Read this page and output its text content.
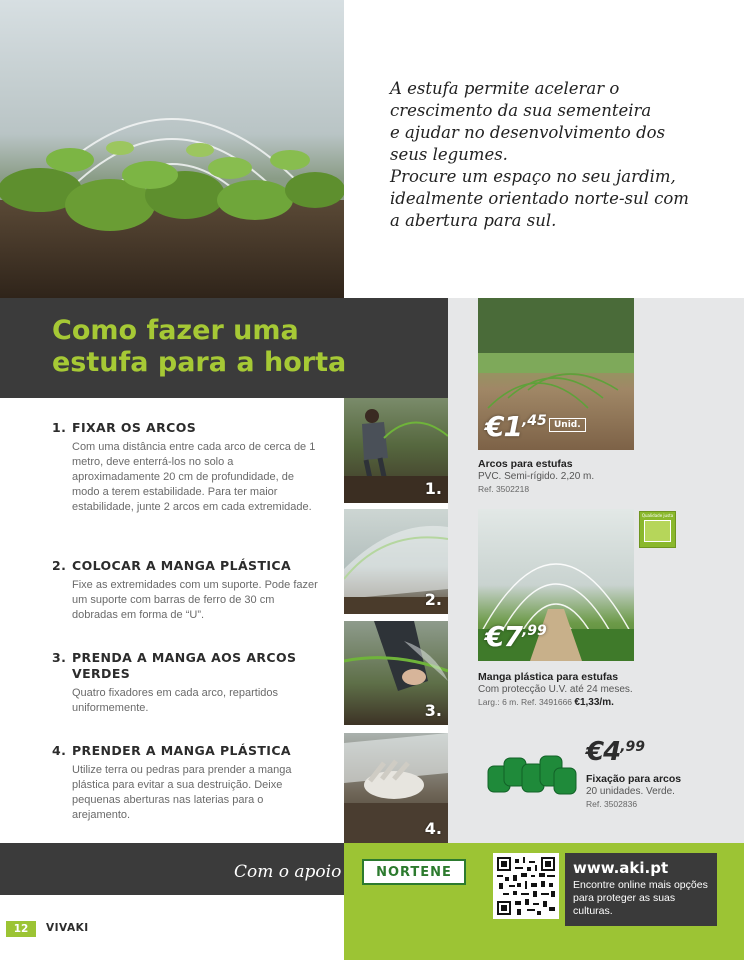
A estufa permite acelerar o
crescimento da sua sementeira
e ajudar no desenvolvimento dos
seus legumes.
Procure um espaço no seu jardim,
idealmente orientado norte-sul com
a abertura para sul.
Como fazer uma
estufa para a horta
1. FIXAR OS ARCOS
Com uma distância entre cada arco de cerca de 1 metro, deve enterrá-los no solo a aproximadamente 20 cm de profundidade, de modo a terem estabilidade. Para ter maior estabilidade, junte 2 arcos em cada extremidade.
2. COLOCAR A MANGA PLÁSTICA
Fixe as extremidades com um suporte. Pode fazer um suporte com barras de ferro de 30 cm dobradas em forma de “U”.
3. PRENDA A MANGA AOS ARCOS VERDES
Quatro fixadores em cada arco, repartidos uniformemente.
4. PRENDER A MANGA PLÁSTICA
Utilize terra ou pedras para prender a manga plástica para evitar a sua destruição. Deixe pequenas aberturas nas laterias para o arejamento.
1.
2.
3.
4.
€1,45 Unid.
Arcos para estufas
PVC. Semi-rígido. 2,20 m.
Ref. 3502218
Qualidade justa
€7,99
Manga plástica para estufas
Com protecção U.V. até 24 meses.
Larg.: 6 m. Ref. 3491666 €1,33/m.
€4,99
Fixação para arcos
20 unidades. Verde.
Ref. 3502836
Com o apoio	NORTENE	www.aki.pt
Encontre online mais opções para proteger as suas culturas.
12	VIVAKI
